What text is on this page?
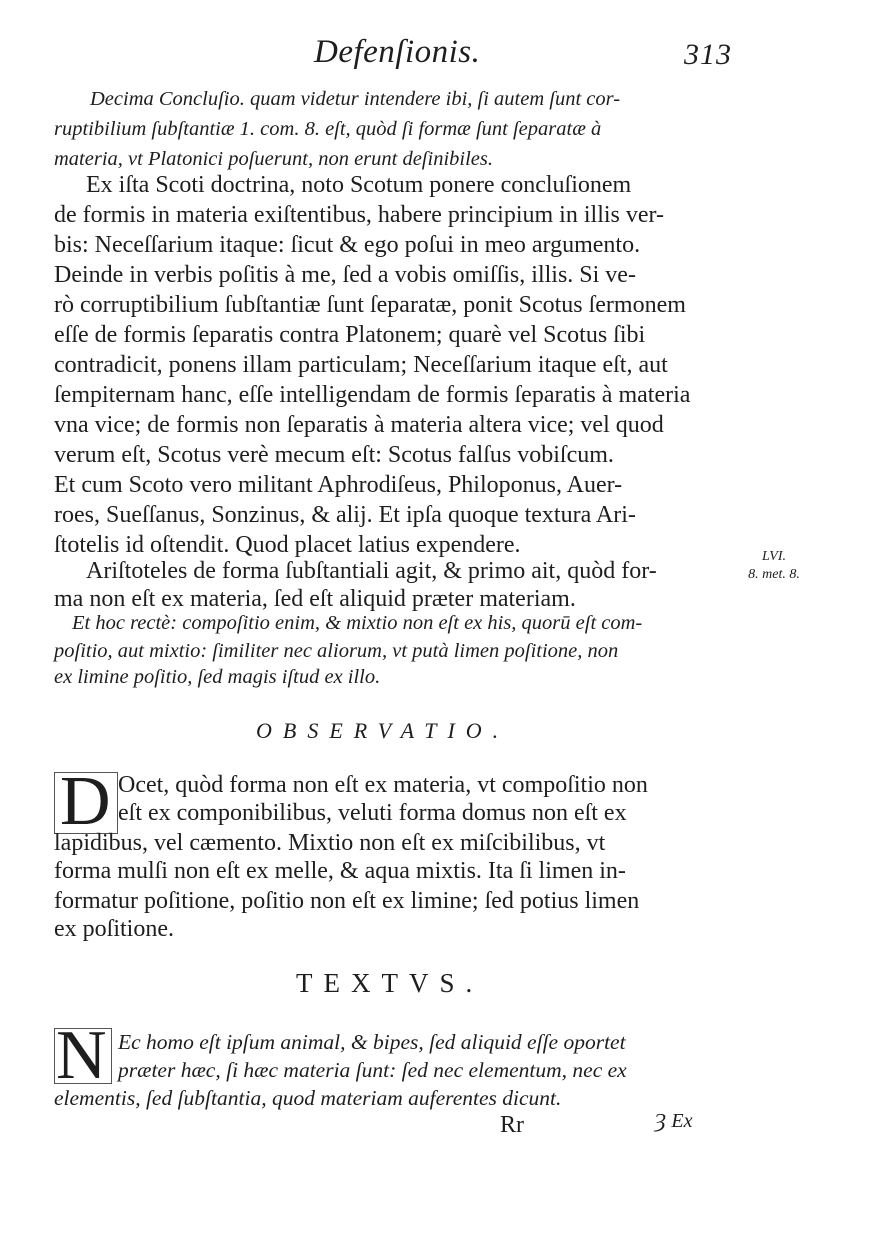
Defenſionis.	313
Decima Concluſio. quam videtur intendere ibi, ſi autem ſunt cor-
ruptibilium ſubſtantiæ 1. com. 8. eſt, quòd ſi formæ ſunt ſeparatæ à
materia, vt Platonici poſuerunt, non erunt deſinibiles.
Ex iſta Scoti doctrina, noto Scotum ponere concluſionem
de formis in materia exiſtentibus, habere principium in illis ver-
bis: Neceſſarium itaque: ſicut & ego poſui in meo argumento.
Deinde in verbis poſitis à me, ſed a vobis omiſſis, illis. Si ve-
rò corruptibilium ſubſtantiæ ſunt ſeparatæ, ponit Scotus ſermonem
eſſe de formis ſeparatis contra Platonem; quarè vel Scotus ſibi
contradicit, ponens illam particulam; Neceſſarium itaque eſt, aut
ſempiternam hanc, eſſe intelligendam de formis ſeparatis à materia
vna vice; de formis non ſeparatis à materia altera vice; vel quod
verum eſt, Scotus verè mecum eſt: Scotus falſus vobiſcum.
Et cum Scoto vero militant Aphrodiſeus, Philoponus, Auer-
roes, Sueſſanus, Sonzinus, & alij. Et ipſa quoque textura Ari-
ſtotelis id oſtendit. Quod placet latius expendere.
Ariſtoteles de forma ſubſtantiali agit, & primo ait, quòd for-
ma non eſt ex materia, ſed eſt aliquid præter materiam.
LVI.
8. met. 8.
Et hoc rectè: compoſitio enim, & mixtio non eſt ex his, quorū eſt com-
poſitio, aut mixtio: ſimiliter nec aliorum, vt putà limen poſitione, non
ex limine poſitio, ſed magis iſtud ex illo.
OBSERVATIO.
D Ocet, quòd forma non eſt ex materia, vt compoſitio non
eſt ex componibilibus, veluti forma domus non eſt ex
lapidibus, vel cæmento. Mixtio non eſt ex miſcibilibus, vt
forma mulſi non eſt ex melle, & aqua mixtis. Ita ſi limen in-
formatur poſitione, poſitio non eſt ex limine; ſed potius limen
ex poſitione.
TEXTVS.
N Ec homo eſt ipſum animal, & bipes, ſed aliquid eſſe oportet
præter hæc, ſi hæc materia ſunt: ſed nec elementum, nec ex
elementis, ſed ſubſtantia, quod materiam auferentes dicunt.
Rr	Ȝ Ex
